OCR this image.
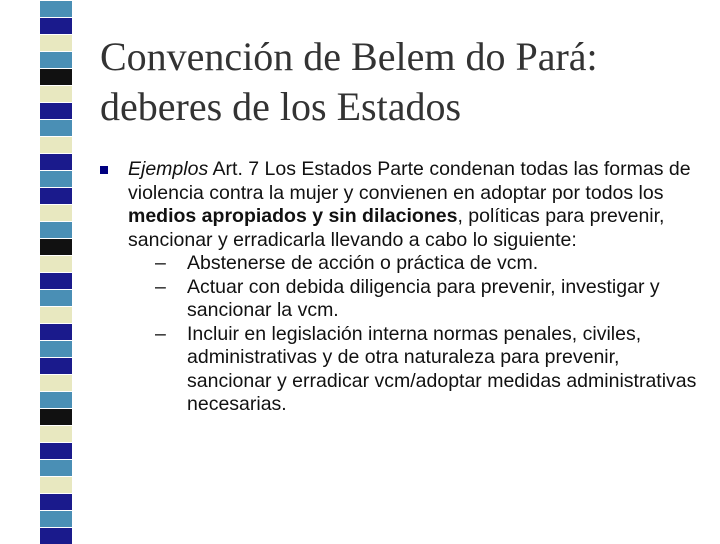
Convención de Belem do Pará:
deberes de los Estados
Ejemplos Art. 7 Los Estados Parte condenan todas las formas de violencia contra la mujer y convienen en adoptar por todos los medios apropiados y sin dilaciones, políticas para prevenir, sancionar y erradicarla llevando a cabo lo siguiente:
– Abstenerse de acción o práctica de vcm.
– Actuar con debida diligencia para prevenir, investigar y sancionar la vcm.
– Incluir en legislación interna normas penales, civiles, administrativas y de otra naturaleza para prevenir, sancionar y erradicar vcm/adoptar medidas administrativas necesarias.
